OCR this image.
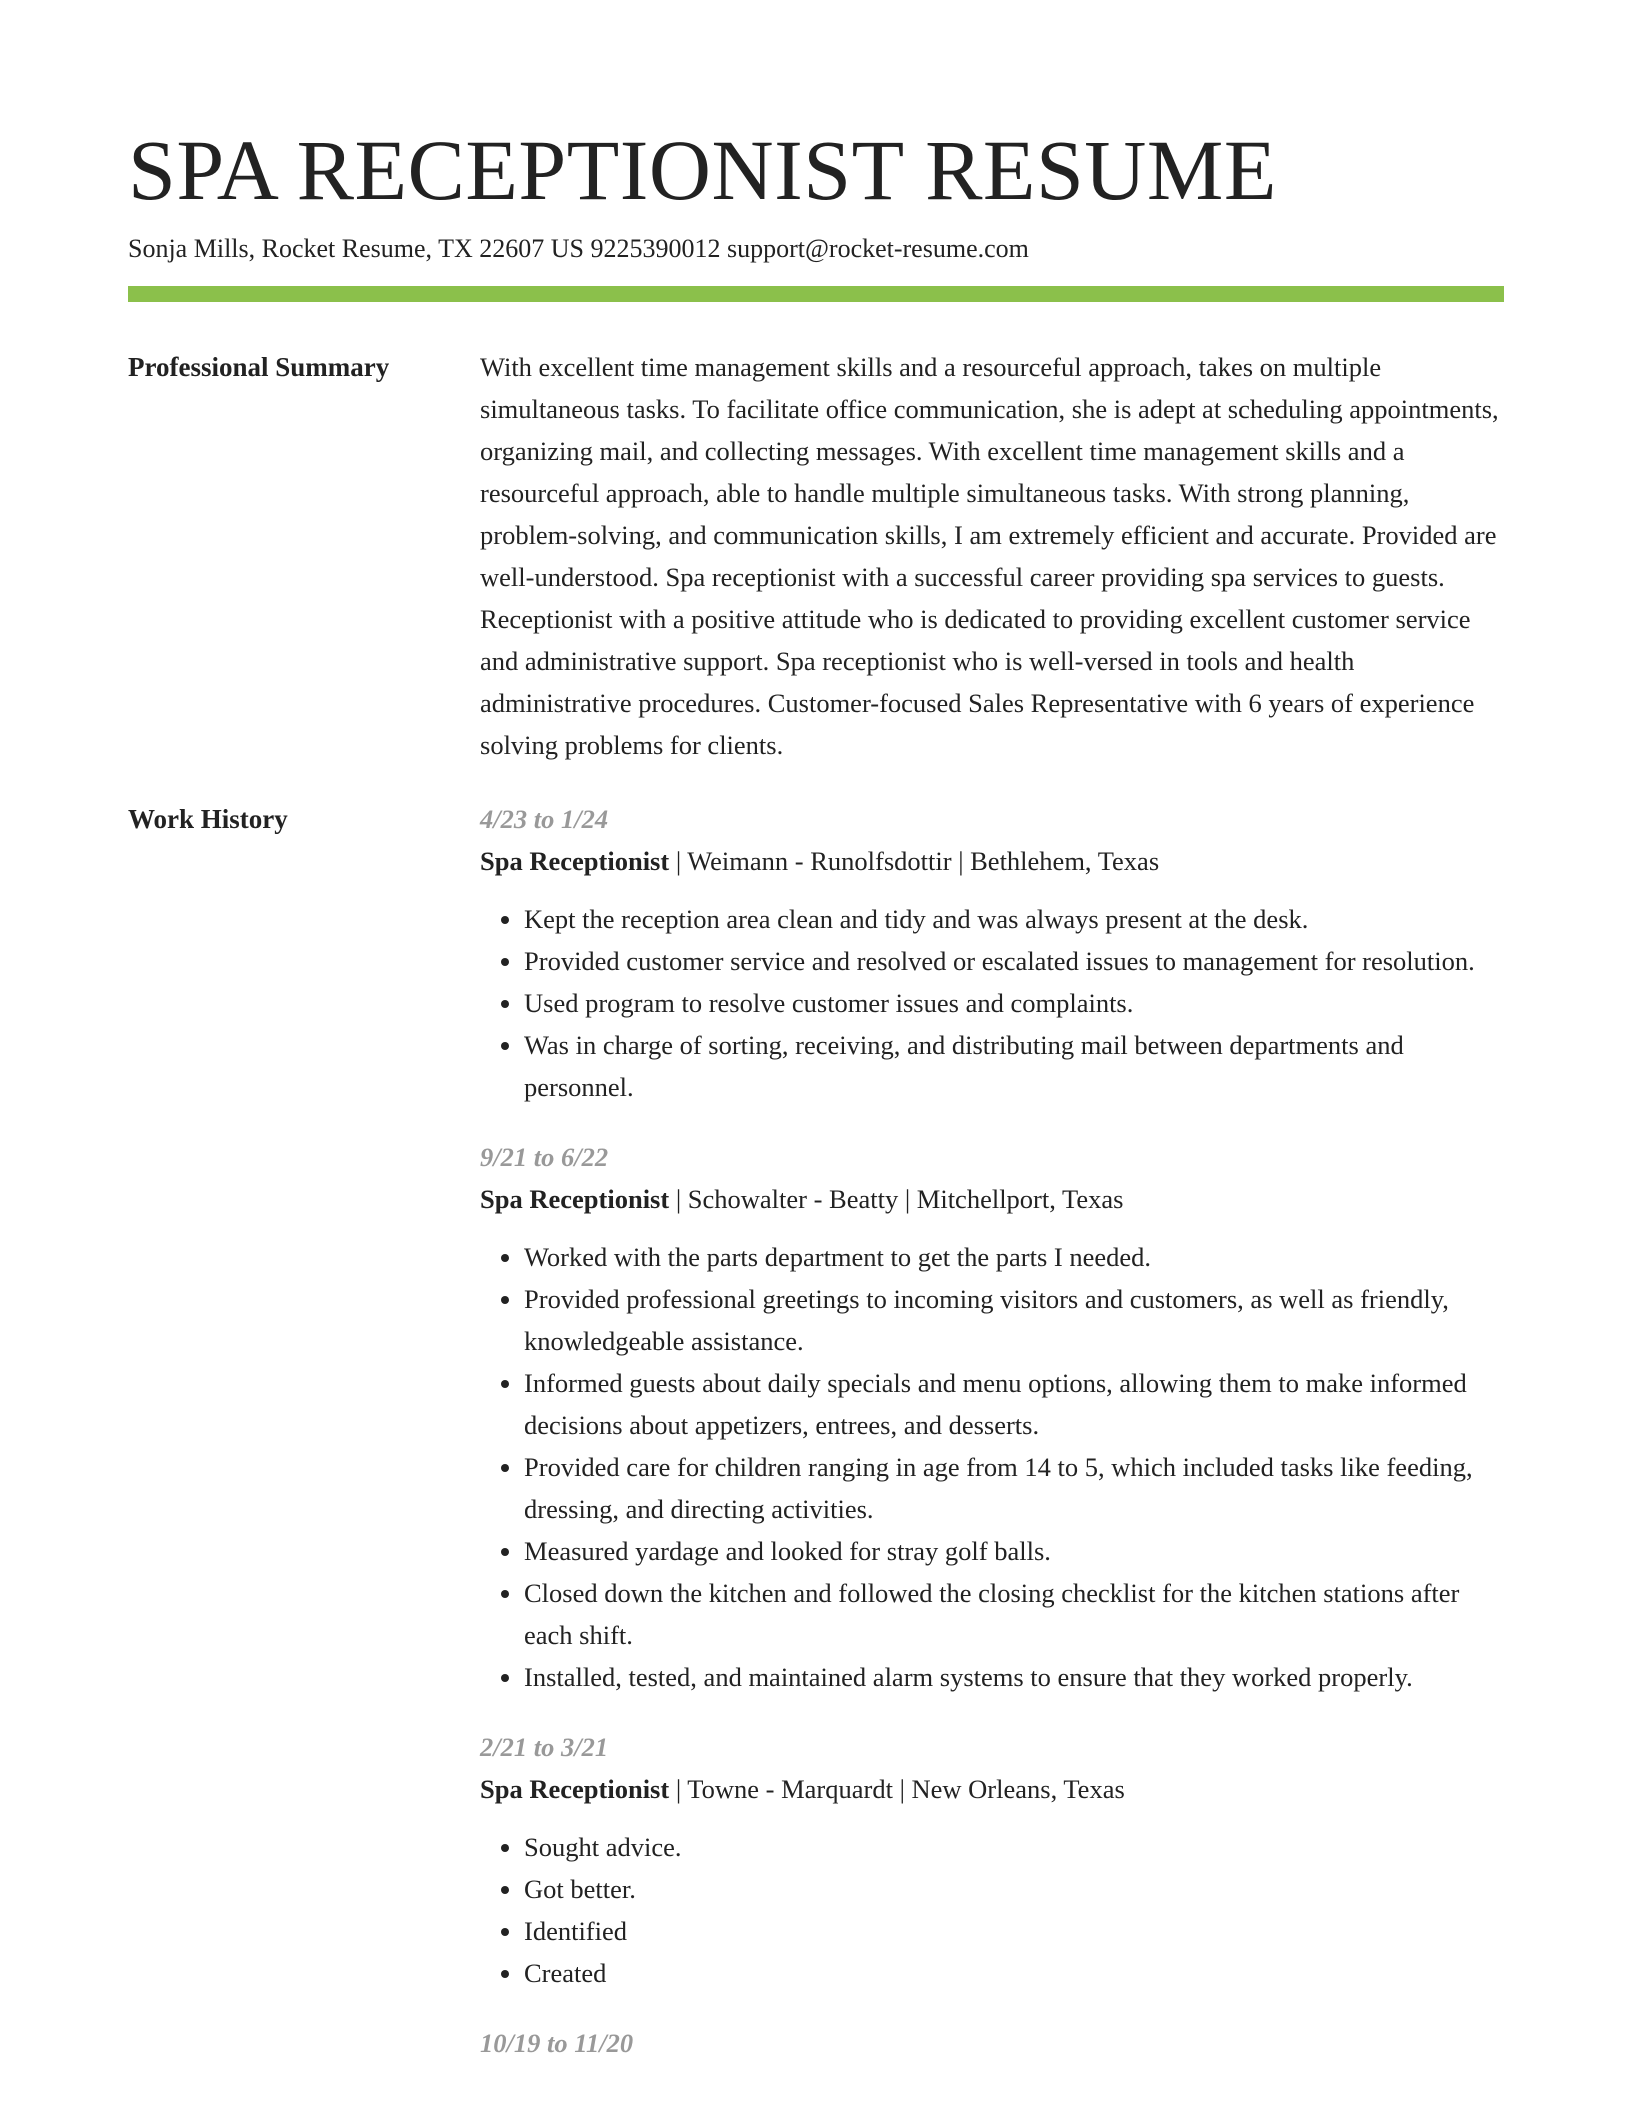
SPA RECEPTIONIST RESUME
Sonja Mills, Rocket Resume, TX 22607 US 9225390012 support@rocket-resume.com
Professional Summary	With excellent time management skills and a resourceful approach, takes on multiple simultaneous tasks. To facilitate office communication, she is adept at scheduling appointments, organizing mail, and collecting messages. With excellent time management skills and a resourceful approach, able to handle multiple simultaneous tasks. With strong planning, problem-solving, and communication skills, I am extremely efficient and accurate. Provided are well-understood. Spa receptionist with a successful career providing spa services to guests. Receptionist with a positive attitude who is dedicated to providing excellent customer service and administrative support. Spa receptionist who is well-versed in tools and health administrative procedures. Customer-focused Sales Representative with 6 years of experience solving problems for clients.

Work History	4/23 to 1/24
Spa Receptionist | Weimann - Runolfsdottir | Bethlehem, Texas
• Kept the reception area clean and tidy and was always present at the desk.
• Provided customer service and resolved or escalated issues to management for resolution.
• Used program to resolve customer issues and complaints.
• Was in charge of sorting, receiving, and distributing mail between departments and personnel.
9/21 to 6/22
Spa Receptionist | Schowalter - Beatty | Mitchellport, Texas
• Worked with the parts department to get the parts I needed.
• Provided professional greetings to incoming visitors and customers, as well as friendly, knowledgeable assistance.
• Informed guests about daily specials and menu options, allowing them to make informed decisions about appetizers, entrees, and desserts.
• Provided care for children ranging in age from 14 to 5, which included tasks like feeding, dressing, and directing activities.
• Measured yardage and looked for stray golf balls.
• Closed down the kitchen and followed the closing checklist for the kitchen stations after each shift.
• Installed, tested, and maintained alarm systems to ensure that they worked properly.
2/21 to 3/21
Spa Receptionist | Towne - Marquardt | New Orleans, Texas
• Sought advice.
• Got better.
• Identified
• Created
10/19 to 11/20
